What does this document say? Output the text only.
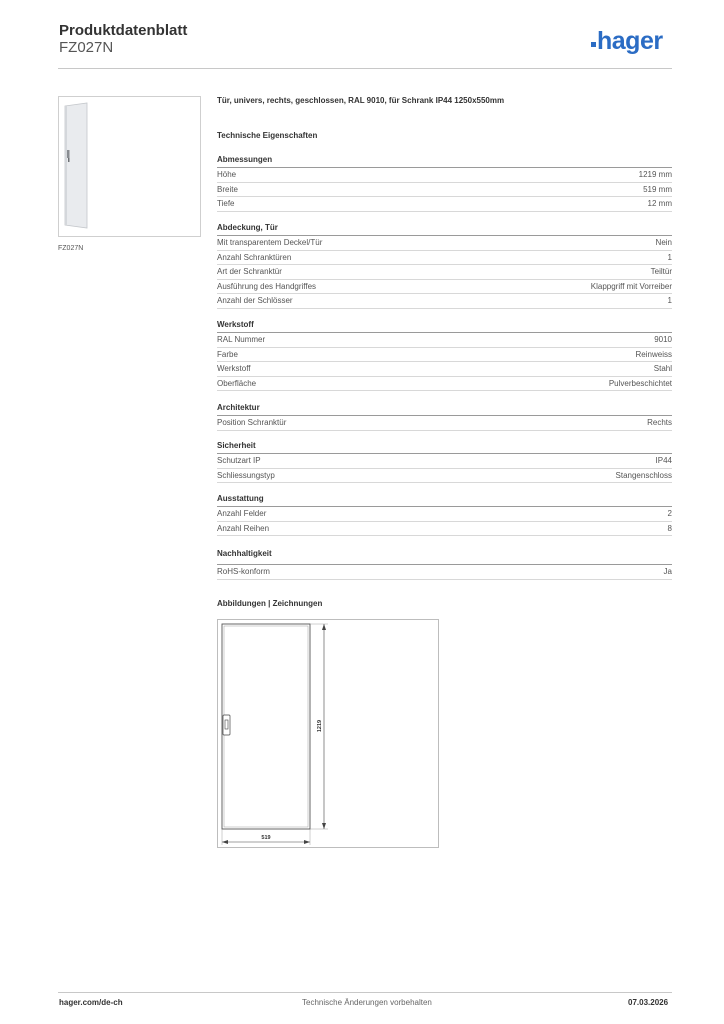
Produktdatenblatt
FZ027N	hager
FZ027N
Tür, univers, rechts, geschlossen, RAL 9010, für Schrank IP44 1250x550mm
Technische Eigenschaften
Abmessungen
Höhe	1219 mm
Breite	519 mm
Tiefe	12 mm
Abdeckung, Tür
Mit transparentem Deckel/Tür	Nein
Anzahl Schranktüren	1
Art der Schranktür	Teiltür
Ausführung des Handgriffes	Klappgriff mit Vorreiber
Anzahl der Schlösser	1
Werkstoff
RAL Nummer	9010
Farbe	Reinweiss
Werkstoff	Stahl
Oberfläche	Pulverbeschichtet
Architektur
Position Schranktür	Rechts
Sicherheit
Schutzart IP	IP44
Schliessungstyp	Stangenschloss
Ausstattung
Anzahl Felder	2
Anzahl Reihen	8
Nachhaltigkeit
RoHS-konform	Ja
Abbildungen | Zeichnungen
519
1219
hager.com/de-ch	Technische Änderungen vorbehalten	07.03.2026
